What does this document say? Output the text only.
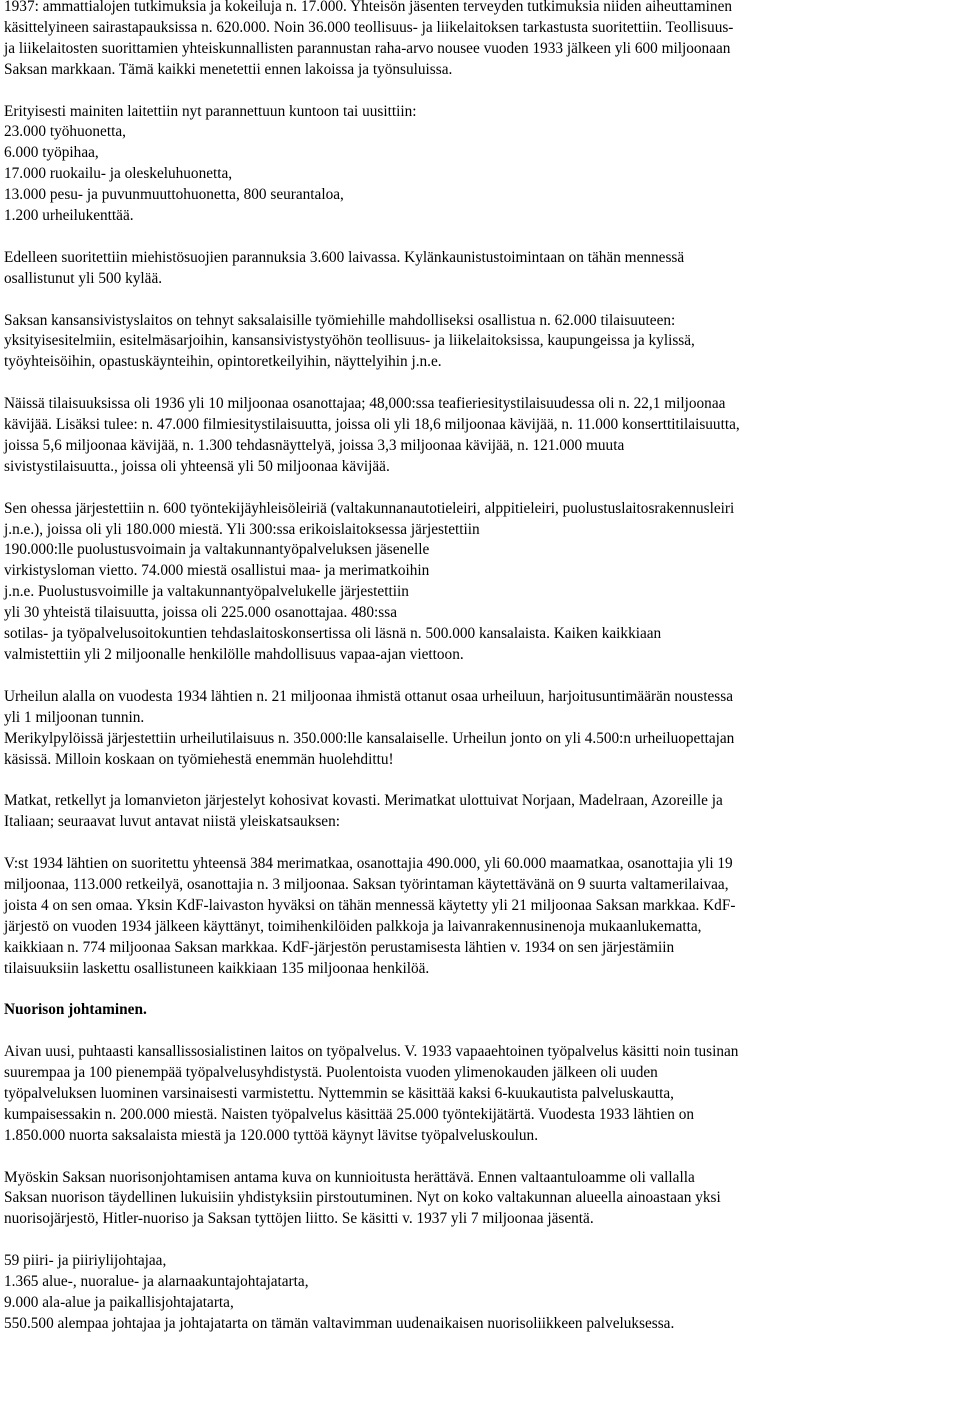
1937: ammattialojen tutkimuksia ja kokeiluja n. 17.000. Yhteisön jäsenten terveyden tutkimuksia niiden aiheuttaminen
käsittelyineen sairastapauksissa n. 620.000. Noin 36.000 teollisuus- ja liikelaitoksen tarkastusta suoritettiin. Teollisuus-
ja liikelaitosten suorittamien yhteiskunnallisten parannustan raha-arvo nousee vuoden 1933 jälkeen yli 600 miljoonaan
Saksan markkaan. Tämä kaikki menetettii ennen lakoissa ja työnsuluissa.
Erityisesti mainiten laitettiin nyt parannettuun kuntoon tai uusittiin:
23.000 työhuonetta,
6.000 työpihaa,
17.000 ruokailu- ja oleskeluhuonetta,
13.000 pesu- ja puvunmuuttohuonetta, 800 seurantaloa,
1.200 urheilukenttää.
Edelleen suoritettiin miehistösuojien parannuksia 3.600 laivassa. Kylänkaunistustoimintaan on tähän mennessä
osallistunut yli 500 kylää.
Saksan kansansivistyslaitos on tehnyt saksalaisille työmiehille mahdolliseksi osallistua n. 62.000 tilaisuuteen:
yksityisesitelmiin, esitelmäsarjoihin, kansansivistystyöhön teollisuus- ja liikelaitoksissa, kaupungeissa ja kylissä,
työyhteisöihin, opastuskäynteihin, opintoretkeilyihin, näyttelyihin j.n.e.
Näissä tilaisuuksissa oli 1936 yli 10 miljoonaa osanottajaa; 48,000:ssa teafieriesitystilaisuudessa oli n. 22,1 miljoonaa
kävijää. Lisäksi tulee: n. 47.000 filmiesitystilaisuutta, joissa oli yli 18,6 miljoonaa kävijää, n. 11.000 konserttitilaisuutta,
joissa 5,6 miljoonaa kävijää, n. 1.300 tehdasnäyttelyä, joissa 3,3 miljoonaa kävijää, n. 121.000 muuta
sivistystilaisuutta., joissa oli yhteensä yli 50 miljoonaa kävijää.
Sen ohessa järjestettiin n. 600 työntekijäyhleisöleiriä (valtakunnanautotieleiri, alppitieleiri, puolustuslaitosrakennusleiri
j.n.e.), joissa oli yli 180.000 miestä. Yli 300:ssa erikoislaitoksessa järjestettiin
190.000:lle puolustusvoimain ja valtakunnantyöpalveluksen jäsenelle
virkistysloman vietto. 74.000 miestä osallistui maa- ja merimatkoihin
j.n.e. Puolustusvoimille ja valtakunnantyöpalvelukelle järjestettiin
yli 30 yhteistä tilaisuutta, joissa oli 225.000 osanottajaa. 480:ssa
sotilas- ja työpalvelusoitokuntien tehdaslaitoskonsertissa oli läsnä n. 500.000 kansalaista. Kaiken kaikkiaan
valmistettiin yli 2 miljoonalle henkilölle mahdollisuus vapaa-ajan viettoon.
Urheilun alalla on vuodesta 1934 lähtien n. 21 miljoonaa ihmistä ottanut osaa urheiluun, harjoitusuntimäärän noustessa
yli 1 miljoonan tunnin.
Merikylpylöissä järjestettiin urheilutilaisuus n. 350.000:lle kansalaiselle. Urheilun jonto on yli 4.500:n urheiluopettajan
käsissä. Milloin koskaan on työmiehestä enemmän huolehdittu!
Matkat, retkellyt ja lomanvieton järjestelyt kohosivat kovasti. Merimatkat ulottuivat Norjaan, Madelraan, Azoreille ja
Italiaan; seuraavat luvut antavat niistä yleiskatsauksen:
V:st 1934 lähtien on suoritettu yhteensä 384 merimatkaa, osanottajia 490.000, yli 60.000 maamatkaa, osanottajia yli 19
miljoonaa, 113.000 retkeilyä, osanottajia n. 3 miljoonaa. Saksan työrintaman käytettävänä on 9 suurta valtamerilaivaa,
joista 4 on sen omaa. Yksin KdF-laivaston hyväksi on tähän mennessä käytetty yli 21 miljoonaa Saksan markkaa. KdF-
järjestö on vuoden 1934 jälkeen käyttänyt, toimihenkilöiden palkkoja ja laivanrakennusinenoja mukaanlukematta,
kaikkiaan n. 774 miljoonaa Saksan markkaa. KdF-järjestön perustamisesta lähtien v. 1934 on sen järjestämiin
tilaisuuksiin laskettu osallistuneen kaikkiaan 135 miljoonaa henkilöä.
Nuorison johtaminen.
Aivan uusi, puhtaasti kansallissosialistinen laitos on työpalvelus. V. 1933 vapaaehtoinen työpalvelus käsitti noin tusinan
suurempaa ja 100 pienempää työpalvelusyhdistystä. Puolentoista vuoden ylimenokauden jälkeen oli uuden
työpalveluksen luominen varsinaisesti varmistettu. Nyttemmin se käsittää kaksi 6-kuukautista palveluskautta,
kumpaisessakin n. 200.000 miestä. Naisten työpalvelus käsittää 25.000 työntekijätärtä. Vuodesta 1933 lähtien on
1.850.000 nuorta saksalaista miestä ja 120.000 tyttöä käynyt lävitse työpalveluskoulun.
Myöskin Saksan nuorisonjohtamisen antama kuva on kunnioitusta herättävä. Ennen valtaantuloamme oli vallalla
Saksan nuorison täydellinen lukuisiin yhdistyksiin pirstoutuminen. Nyt on koko valtakunnan alueella ainoastaan yksi
nuorisojärjestö, Hitler-nuoriso ja Saksan tyttöjen liitto. Se käsitti v. 1937 yli 7 miljoonaa jäsentä.
59 piiri- ja piiriylijohtajaa,
1.365 alue-, nuoralue- ja alarnaakuntajohtajatarta,
9.000 ala-alue ja paikallisjohtajatarta,
550.500 alempaa johtajaa ja johtajatarta on tämän valtavimman uudenaikaisen nuorisoliikkeen palveluksessa.
